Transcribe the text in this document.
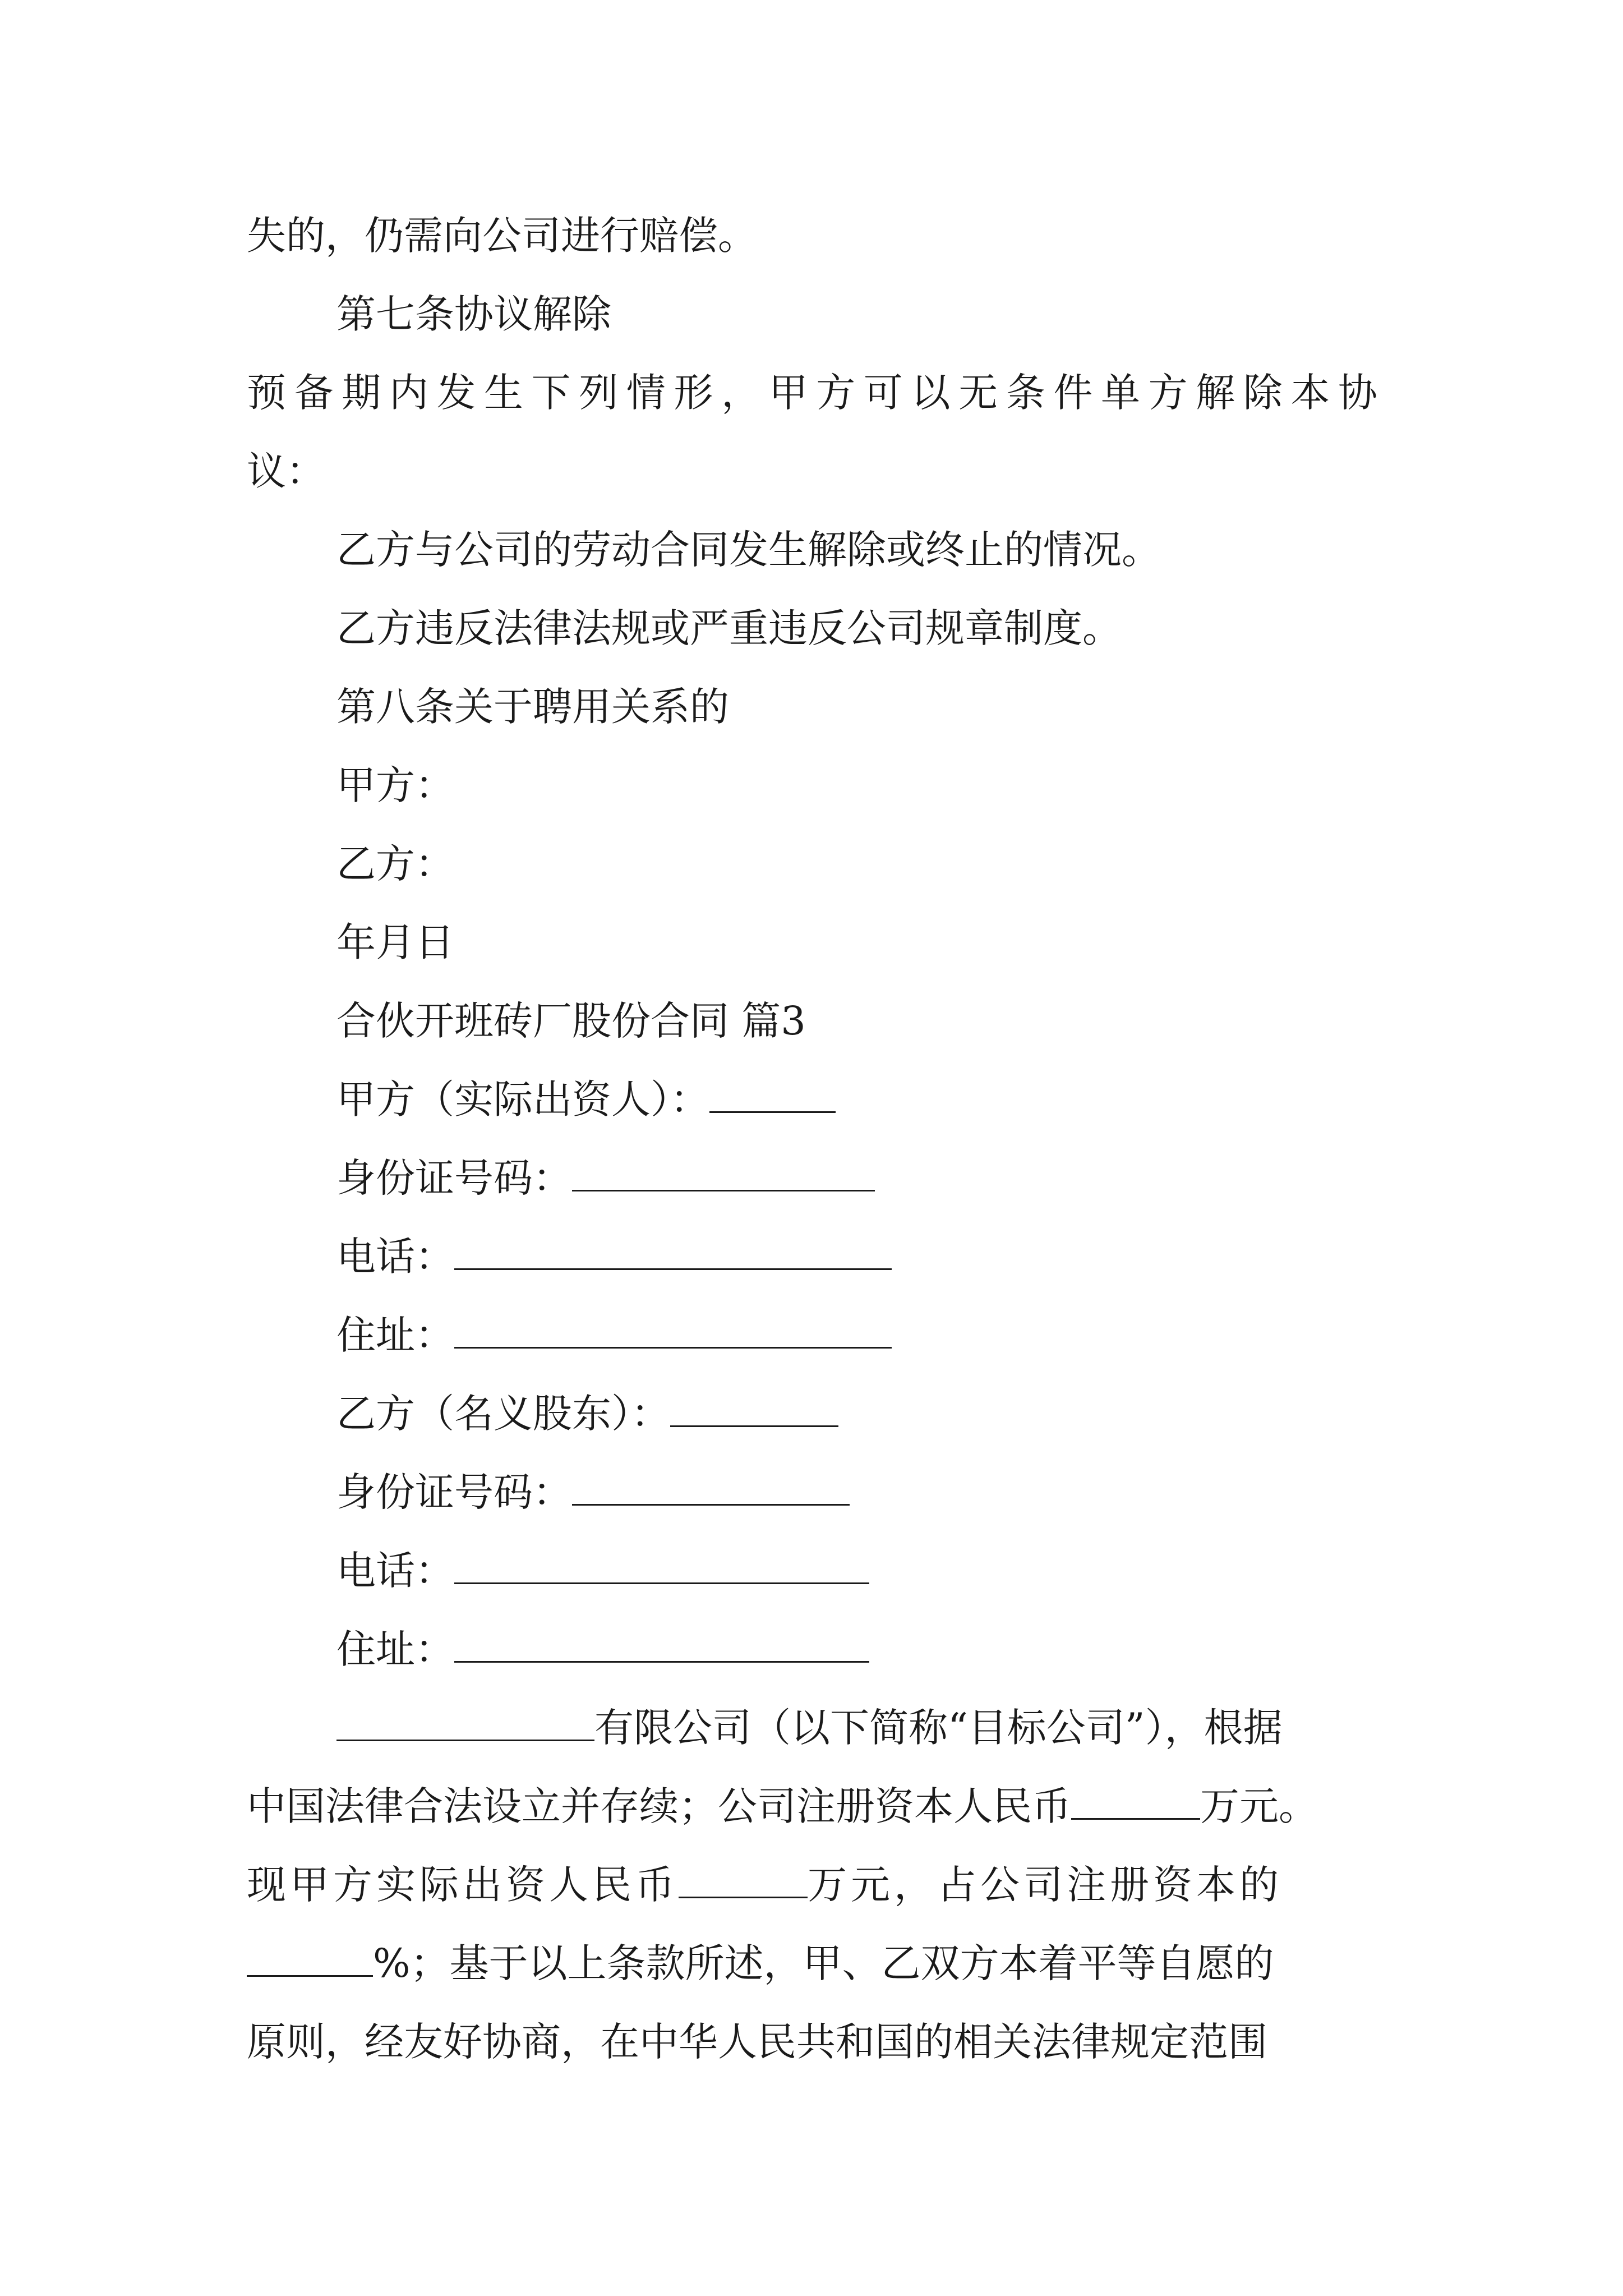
失的，仍需向公司进行赔偿。
第七条协议解除
预备期内发生下列情形，甲方可以无条件单方解除本协
议：
乙方与公司的劳动合同发生解除或终止的情况。
乙方违反法律法规或严重违反公司规章制度。
第八条关于聘用关系的
甲方：
乙方：
年月日
合伙开班砖厂股份合同 篇3
甲方（实际出资人）：
身份证号码：
电话：
住址：
乙方（名义股东）：
身份证号码：
电话：
住址：
有限公司（以下简称“目标公司”），根据
中国法律合法设立并存续；公司注册资本人民币	万元。
现甲方实际出资人民币	万元，占公司注册资本的
%；基于以上条款所述，甲、乙双方本着平等自愿的
原则，经友好协商，在中华人民共和国的相关法律规定范围
